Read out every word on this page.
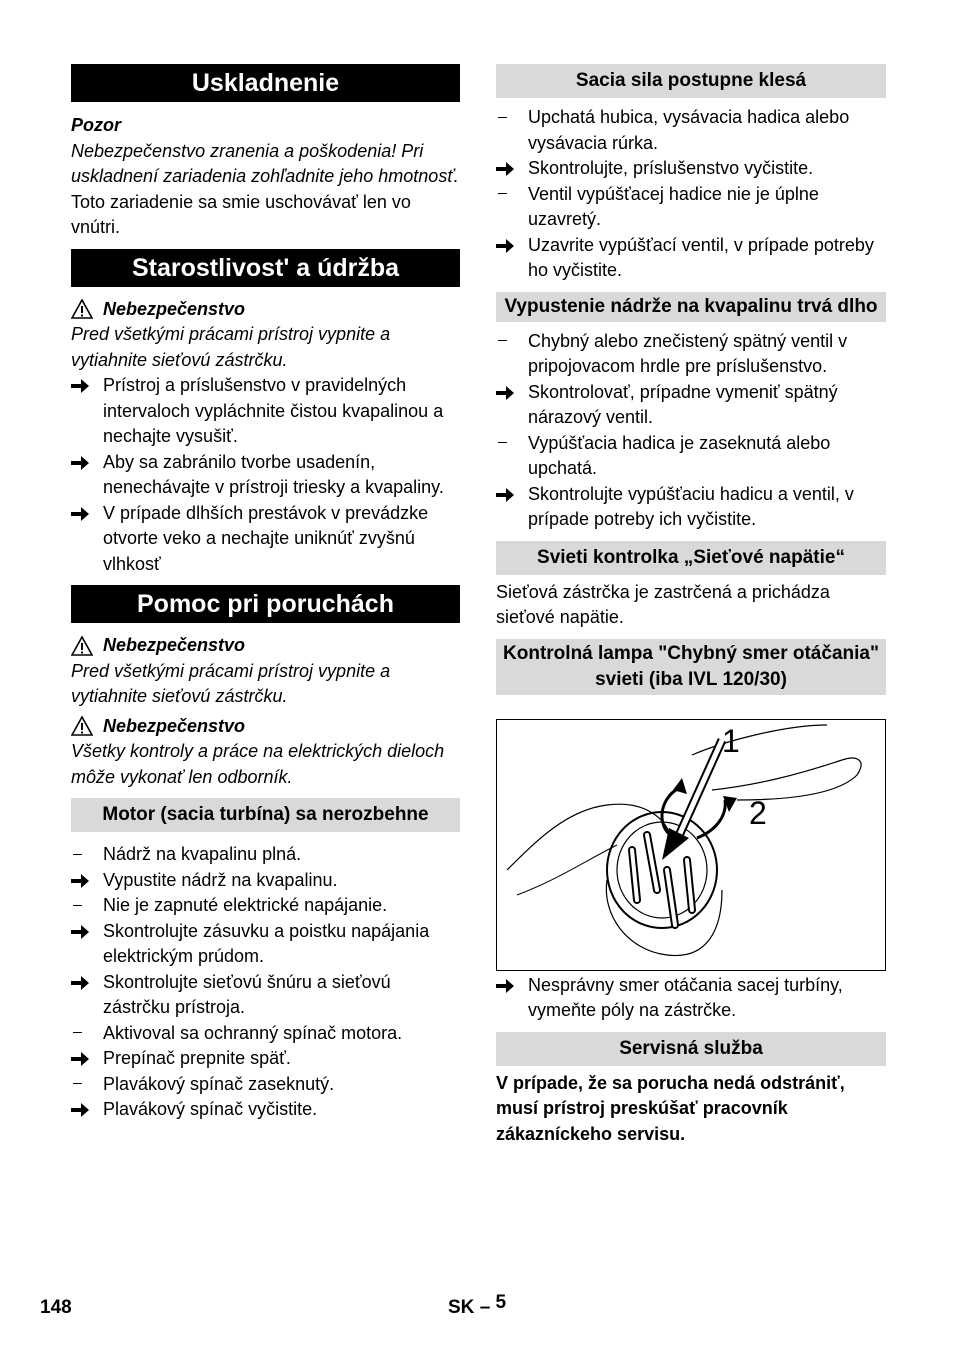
Uskladnenie
Pozor
Nebezpečenstvo zranenia a poškodenia! Pri uskladnení zariadenia zohľadnite jeho hmotnosť.
Toto zariadenie sa smie uschovávať len vo vnútri.
Starostlivost' a údržba
Nebezpečenstvo
Pred všetkými prácami prístroj vypnite a vytiahnite sieťovú zástrčku.
Prístroj a príslušenstvo v pravidelných intervaloch vypláchnite čistou kvapalinou a nechajte vysušiť.
Aby sa zabránilo tvorbe usadenín, nenechávajte v prístroji triesky a kvapaliny.
V prípade dlhších prestávok v prevádzke otvorte veko a nechajte uniknúť zvyšnú vlhkosť
Pomoc pri poruchách
Nebezpečenstvo
Pred všetkými prácami prístroj vypnite a vytiahnite sieťovú zástrčku.
Nebezpečenstvo
Všetky kontroly a práce na elektrických dieloch môže vykonať len odborník.
Motor (sacia turbína) sa nerozbehne
Nádrž na kvapalinu plná.
Vypustite nádrž na kvapalinu.
Nie je zapnuté elektrické napájanie.
Skontrolujte zásuvku a poistku napájania elektrickým prúdom.
Skontrolujte sieťovú šnúru a sieťovú zástrčku prístroja.
Aktivoval sa ochranný spínač motora.
Prepínač prepnite späť.
Plavákový spínač zaseknutý.
Plavákový spínač vyčistite.
Sacia sila postupne klesá
Upchatá hubica, vysávacia hadica alebo vysávacia rúrka.
Skontrolujte, príslušenstvo vyčistite.
Ventil vypúšťacej hadice nie je úplne uzavretý.
Uzavrite vypúšťací ventil, v prípade potreby ho vyčistite.
Vypustenie nádrže na kvapalinu trvá dlho
Chybný alebo znečistený spätný ventil v pripojovacom hrdle pre príslušenstvo.
Skontrolovať, prípadne vymeniť spätný nárazový ventil.
Vypúšťacia hadica je zaseknutá alebo upchatá.
Skontrolujte vypúšťaciu hadicu a ventil, v prípade potreby ich vyčistite.
Svieti kontrolka „Sieťové napätie“
Sieťová zástrčka je zastrčená a prichádza sieťové napätie.
Kontrolná lampa "Chybný smer otáčania" svieti (iba IVL 120/30)
1
2
Nesprávny smer otáčania sacej turbíny, vymeňte póly na zástrčke.
Servisná služba
V prípade, že sa porucha nedá odstrániť, musí prístroj preskúšať pracovník zákazníckeho servisu.
148	SK – 5
